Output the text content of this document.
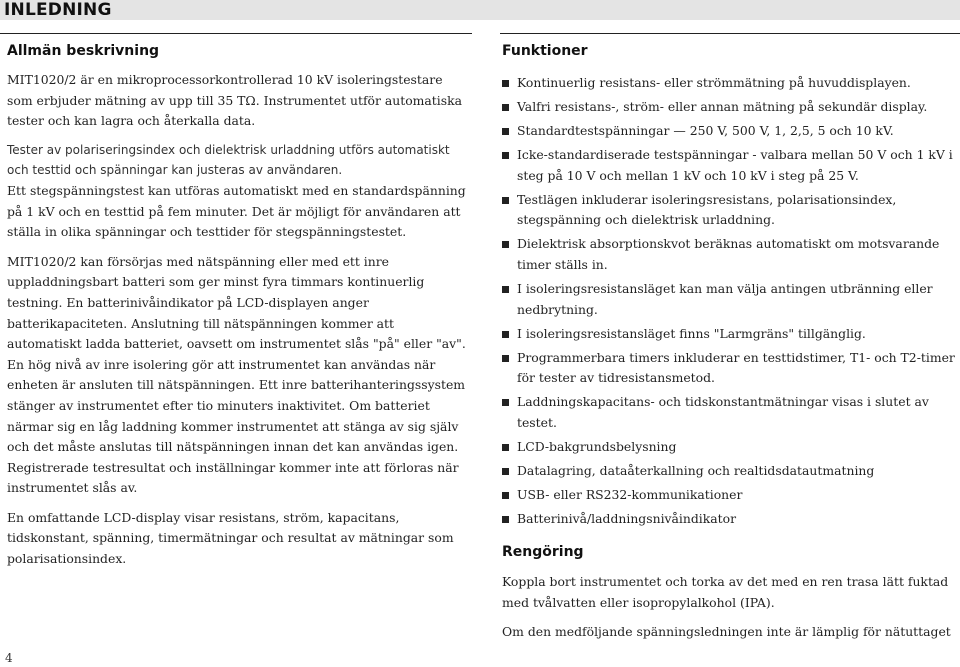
INLEDNING
Allmän beskrivning

MIT1020/2 är en mikroprocessorkontrollerad 10 kV isoleringstestare som erbjuder mätning av upp till 35 TΩ. Instrumentet utför automatiska tester och kan lagra och återkalla data.

Tester av polariseringsindex och dielektrisk urladdning utförs automatiskt och testtid och spänningar kan justeras av användaren.

Ett stegspänningstest kan utföras automatiskt med en standardspänning på 1 kV och en testtid på fem minuter. Det är möjligt för användaren att ställa in olika spänningar och testtider för stegspänningstestet.

MIT1020/2 kan försörjas med nätspänning eller med ett inre uppladdningsbart batteri som ger minst fyra timmars kontinuerlig testning. En batterinivåindikator på LCD-displayen anger batterikapaciteten. Anslutning till nätspänningen kommer att automatiskt ladda batteriet, oavsett om instrumentet slås "på" eller "av". En hög nivå av inre isolering gör att instrumentet kan användas när enheten är ansluten till nätspänningen. Ett inre batterihanteringssystem stänger av instrumentet efter tio minuters inaktivitet. Om batteriet närmar sig en låg laddning kommer instrumentet att stänga av sig själv och det måste anslutas till nätspänningen innan det kan användas igen. Registrerade testresultat och inställningar kommer inte att förloras när instrumentet slås av.

En omfattande LCD-display visar resistans, ström, kapacitans, tidskonstant, spänning, timermätningar och resultat av mätningar som polarisationsindex.

Funktioner
Kontinuerlig resistans- eller strömmätning på huvuddisplayen.
Valfri resistans-, ström- eller annan mätning på sekundär display.
Standardtestspänningar — 250 V, 500 V, 1, 2,5, 5 och 10 kV.
Icke-standardiserade testspänningar - valbara mellan 50 V och 1 kV i steg på 10 V och mellan 1 kV och 10 kV i steg på 25 V.
Testlägen inkluderar isoleringsresistans, polarisationsindex, stegspänning och dielektrisk urladdning.
Dielektrisk absorptionskvot beräknas automatiskt om motsvarande timer ställs in.
I isoleringsresistansläget kan man välja antingen utbränning eller nedbrytning.
I isoleringsresistansläget finns "Larmgräns" tillgänglig.
Programmerbara timers inkluderar en testtidstimer, T1- och T2-timer för tester av tidresistansmetod.
Laddningskapacitans- och tidskonstantmätningar visas i slutet av testet.
LCD-bakgrundsbelysning
Datalagring, dataåterkallning och realtidsdatautmatning
USB- eller RS232-kommunikationer
Batterinivå/laddningsnivåindikator
Rengöring

Koppla bort instrumentet och torka av det med en ren trasa lätt fuktad med tvålvatten eller isopropylalkohol (IPA).

Om den medföljande spänningsledningen inte är lämplig för nätuttaget

4
